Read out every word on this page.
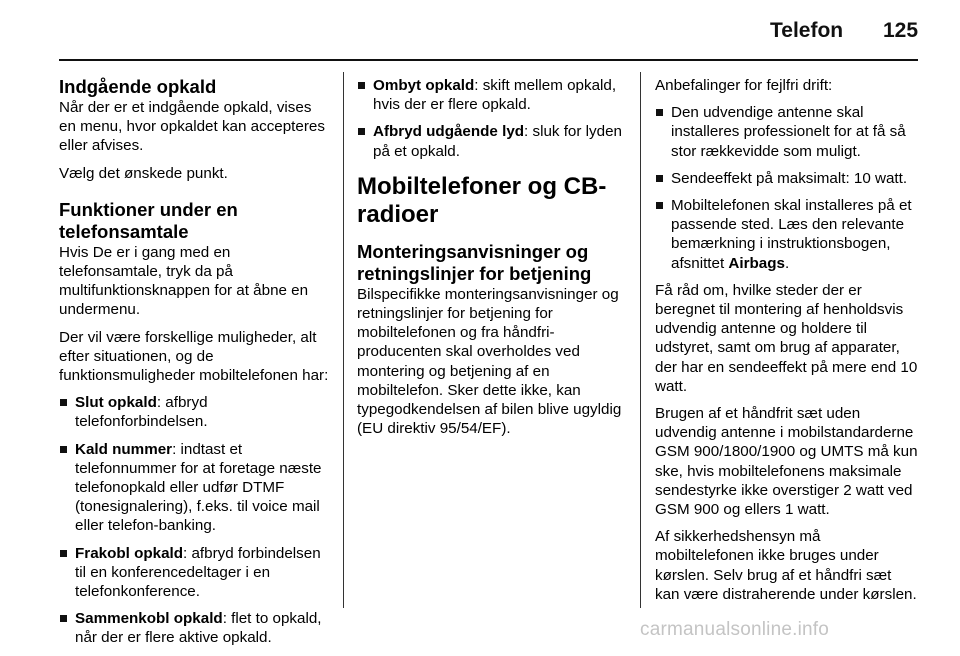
Telefon 125
Indgående opkald

Når der er et indgående opkald, vises en menu, hvor opkaldet kan accepteres eller afvises.

Vælg det ønskede punkt.

Funktioner under en telefonsamtale

Hvis De er i gang med en telefonsamtale, tryk da på multifunktionsknappen for at åbne en undermenu.

Der vil være forskellige muligheder, alt efter situationen, og de funktionsmuligheder mobiltelefonen har:

Slut opkald: afbryd telefonforbindelsen.
Kald nummer: indtast et telefonnummer for at foretage næste telefonopkald eller udfør DTMF (tonesignalering), f.eks. til voice mail eller telefon-banking.
Frakobl opkald: afbryd forbindelsen til en konferencedeltager i en telefonkonference.
Sammenkobl opkald: flet to opkald, når der er flere aktive opkald.
Ombyt opkald: skift mellem opkald, hvis der er flere opkald.
Afbryd udgående lyd: sluk for lyden på et opkald.
Mobiltelefoner og CB-radioer
Monteringsanvisninger og retningslinjer for betjening

Bilspecifikke monteringsanvisninger og retningslinjer for betjening for mobiltelefonen og fra håndfri-producenten skal overholdes ved montering og betjening af en mobiltelefon. Sker dette ikke, kan typegodkendelsen af bilen blive ugyldig (EU direktiv 95/54/EF).

Anbefalinger for fejlfri drift:

Den udvendige antenne skal installeres professionelt for at få så stor rækkevidde som muligt.
Sendeeffekt på maksimalt: 10 watt.
Mobiltelefonen skal installeres på et passende sted. Læs den relevante bemærkning i instruktionsbogen, afsnittet Airbags.

Få råd om, hvilke steder der er beregnet til montering af henholdsvis udvendig antenne og holdere til udstyret, samt om brug af apparater, der har en sendeeffekt på mere end 10 watt.

Brugen af et håndfrit sæt uden udvendig antenne i mobilstandarderne GSM 900/1800/1900 og UMTS må kun ske, hvis mobiltelefonens maksimale sendestyrke ikke overstiger 2 watt ved GSM 900 og ellers 1 watt.

Af sikkerhedshensyn må mobiltelefonen ikke bruges under kørslen. Selv brug af et håndfri sæt kan være distraherende under kørslen.

carmanualsonline.info
